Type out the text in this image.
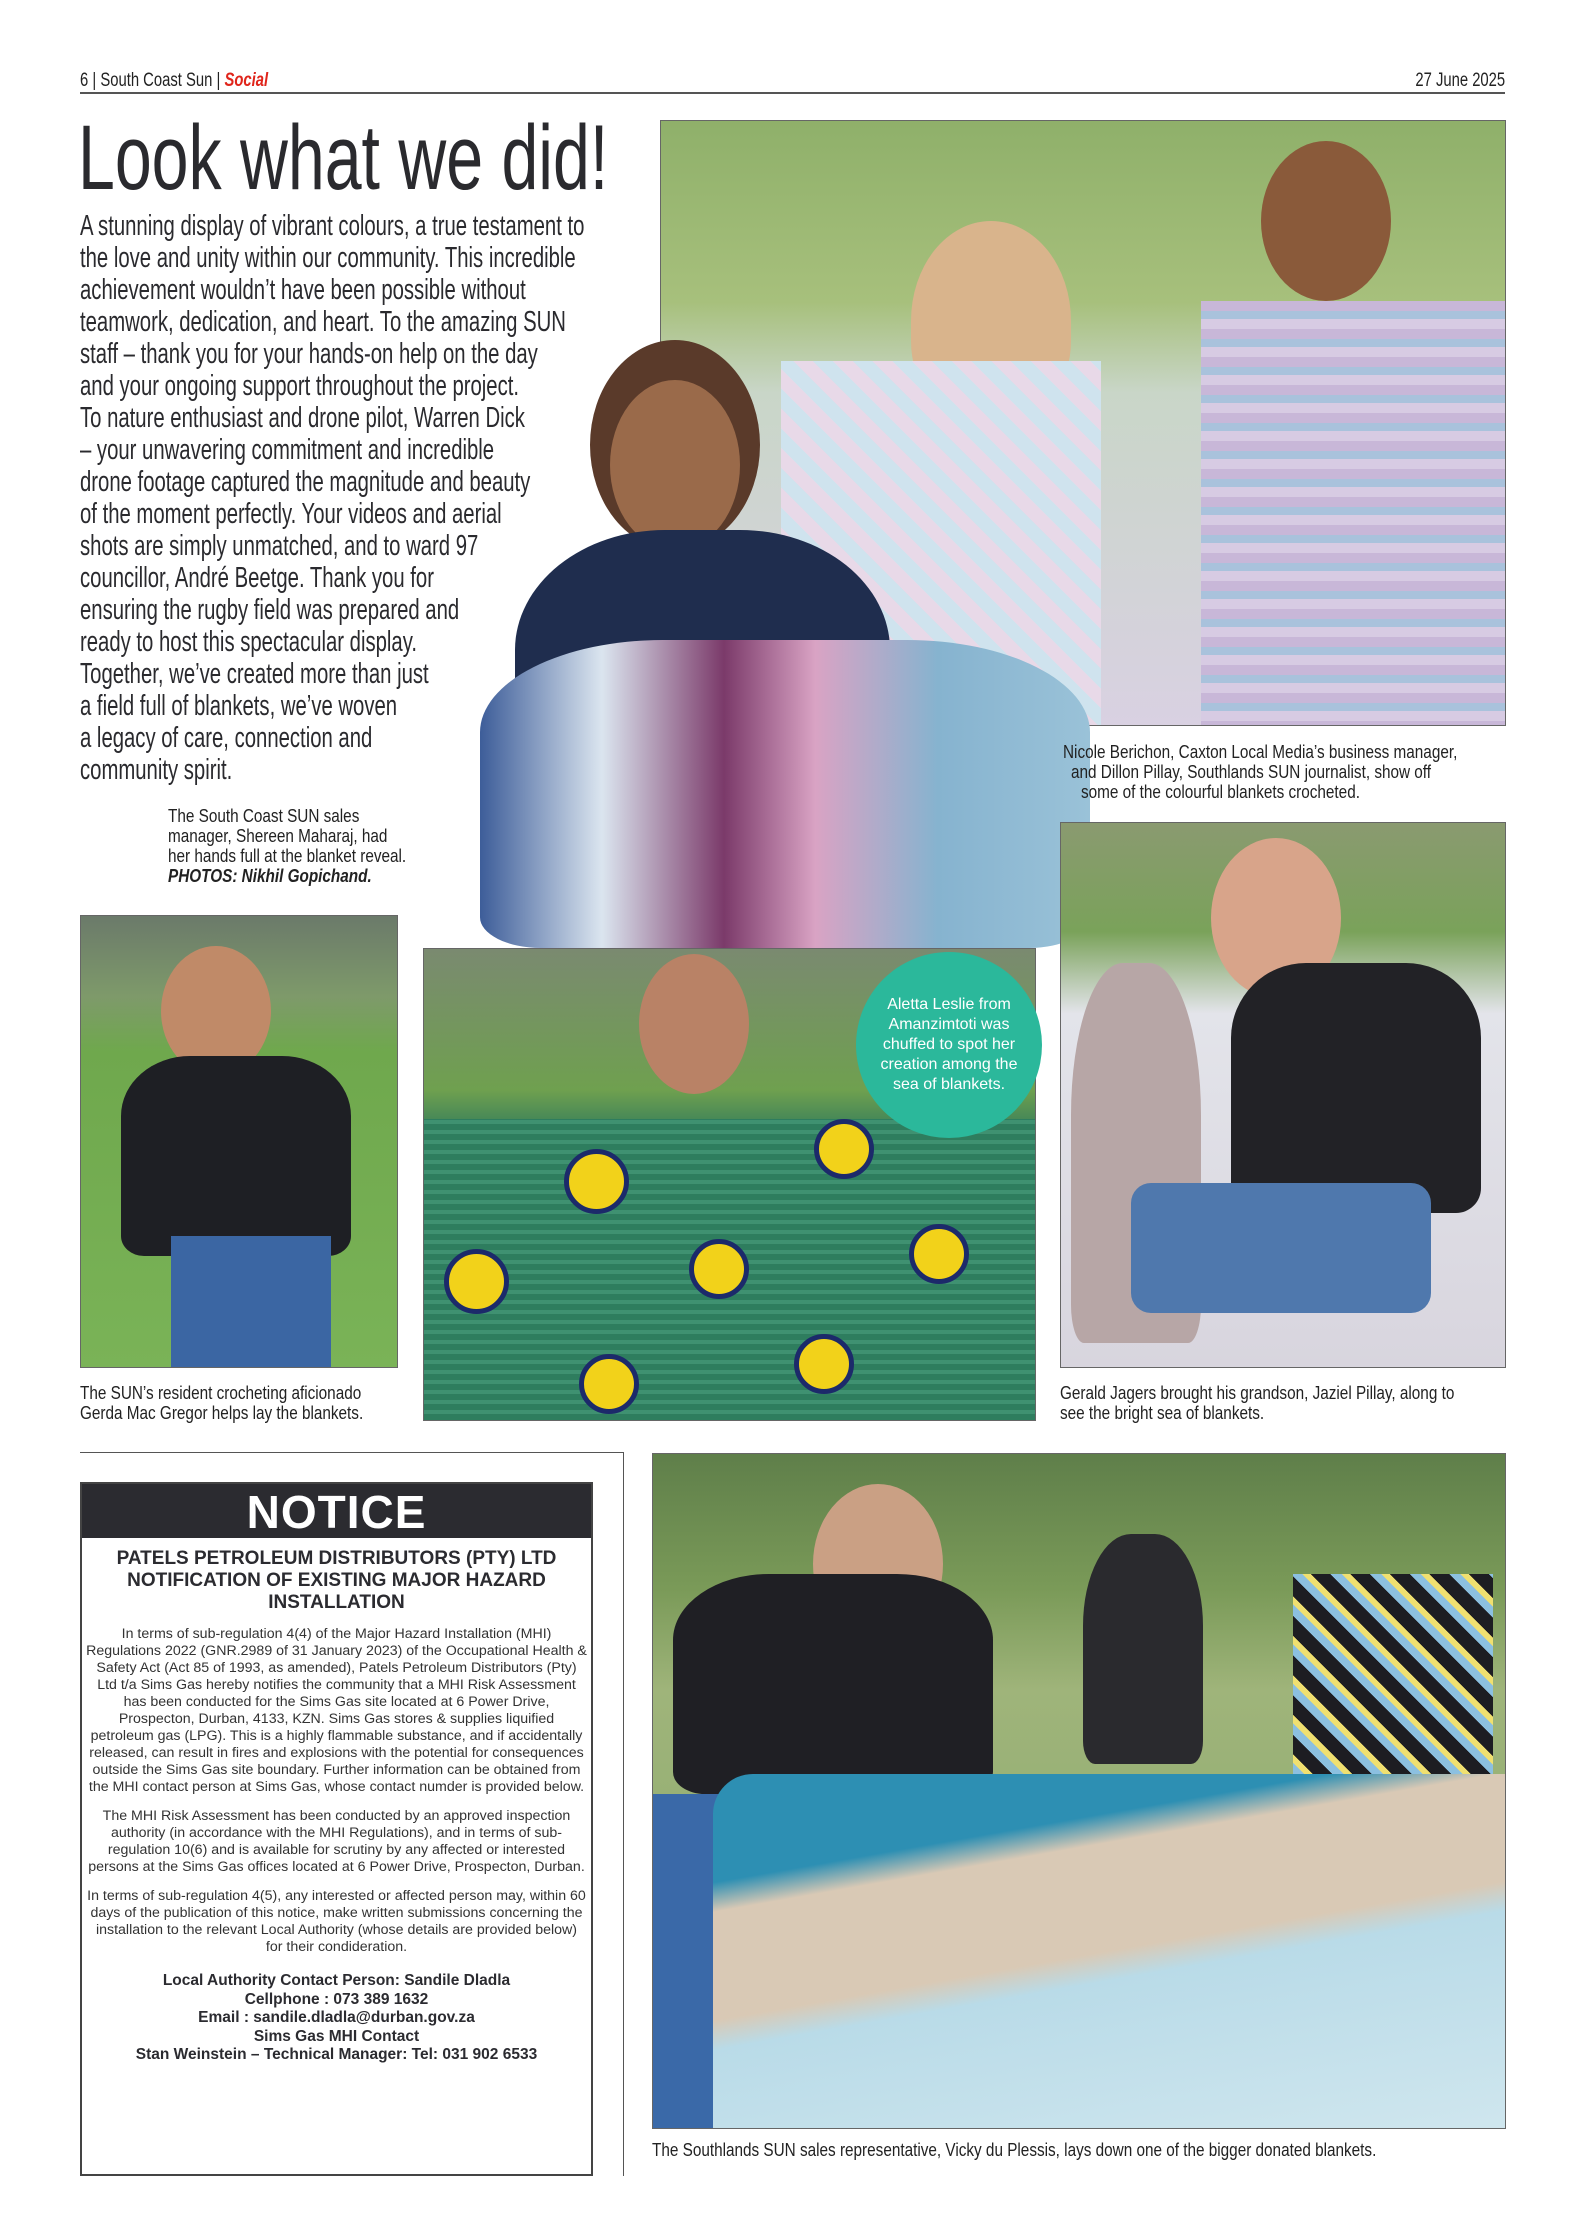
6 | South Coast Sun | Social	27 June 2025
Look what we did!
A stunning display of vibrant colours, a true testament to
the love and unity within our community. This incredible
achievement wouldn’t have been possible without
teamwork, dedication, and heart. To the amazing SUN
staff – thank you for your hands-on help on the day
and your ongoing support throughout the project.
To nature enthusiast and drone pilot, Warren Dick
– your unwavering commitment and incredible
drone footage captured the magnitude and beauty
of the moment perfectly. Your videos and aerial
shots are simply unmatched, and to ward 97
councillor, André Beetge. Thank you for
ensuring the rugby field was prepared and
ready to host this spectacular display.
Together, we’ve created more than just
a field full of blankets, we’ve woven
a legacy of care, connection and
community spirit.
Nicole Berichon, Caxton Local Media’s business manager,
and Dillon Pillay, Southlands SUN journalist, show off
some of the colourful blankets crocheted.
The South Coast SUN sales
manager, Shereen Maharaj, had
her hands full at the blanket reveal.
PHOTOS: Nikhil Gopichand.
Aletta Leslie from Amanzimtoti was chuffed to spot her creation among the sea of blankets.
The SUN’s resident crocheting aficionado
Gerda Mac Gregor helps lay the blankets.
Gerald Jagers brought his grandson, Jaziel Pillay, along to
see the bright sea of blankets.
NOTICE
PATELS PETROLEUM DISTRIBUTORS (PTY) LTD
NOTIFICATION OF EXISTING MAJOR HAZARD
INSTALLATION

In terms of sub-regulation 4(4) of the Major Hazard Installation (MHI) Regulations 2022 (GNR.2989 of 31 January 2023) of the Occupational Health & Safety Act (Act 85 of 1993, as amended), Patels Petroleum Distributors (Pty) Ltd t/a Sims Gas hereby notifies the community that a MHI Risk Assessment has been conducted for the Sims Gas site located at 6 Power Drive, Prospecton, Durban, 4133, KZN. Sims Gas stores & supplies liquified petroleum gas (LPG). This is a highly flammable substance, and if accidentally released, can result in fires and explosions with the potential for consequences outside the Sims Gas site boundary. Further information can be obtained from the MHI contact person at Sims Gas, whose contact numder is provided below.

The MHI Risk Assessment has been conducted by an approved inspection authority (in accordance with the MHI Regulations), and in terms of sub-regulation 10(6) and is available for scrutiny by any affected or interested persons at the Sims Gas offices located at 6 Power Drive, Prospecton, Durban.

In terms of sub-regulation 4(5), any interested or affected person may, within 60 days of the publication of this notice, make written submissions concerning the installation to the relevant Local Authority (whose details are provided below) for their condideration.

Local Authority Contact Person: Sandile Dladla
Cellphone : 073 389 1632
Email : sandile.dladla@durban.gov.za
Sims Gas MHI Contact
Stan Weinstein – Technical Manager: Tel: 031 902 6533
The Southlands SUN sales representative, Vicky du Plessis, lays down one of the bigger donated blankets.
